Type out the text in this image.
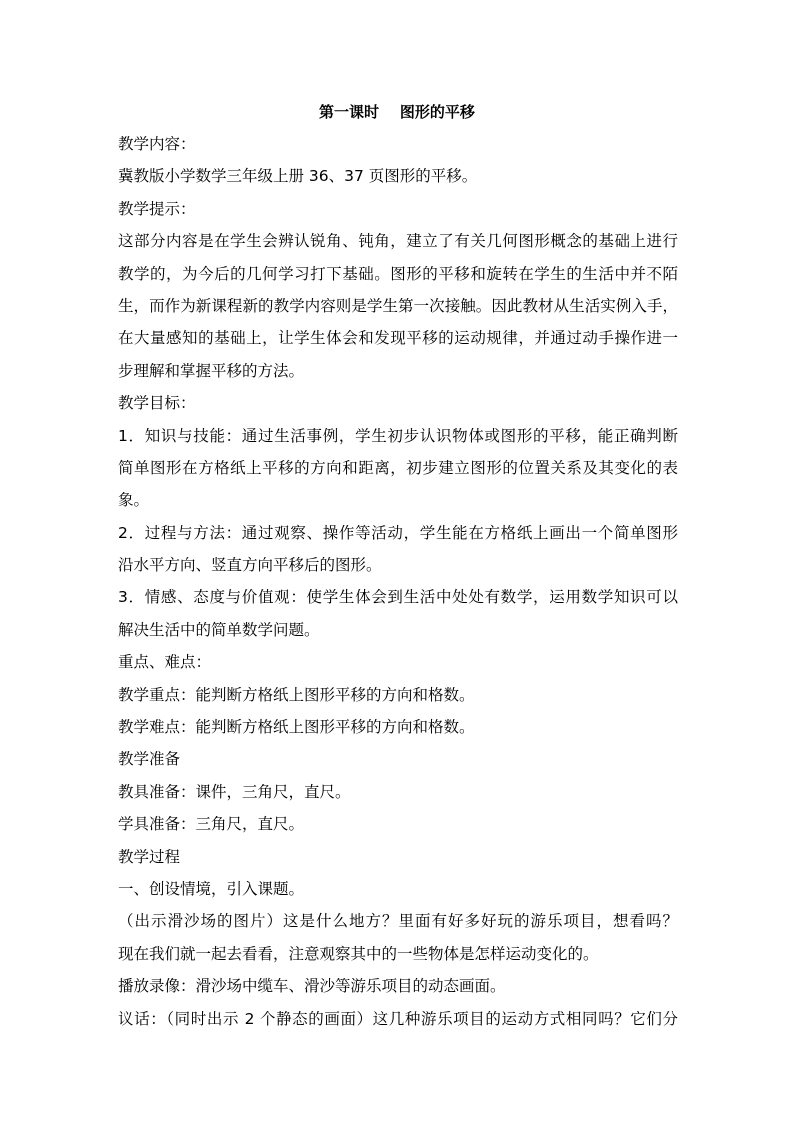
第一课时    图形的平移
教学内容：
冀教版小学数学三年级上册 36、37 页图形的平移。
教学提示：
这部分内容是在学生会辨认锐角、钝角，建立了有关几何图形概念的基础上进行
教学的，为今后的几何学习打下基础。图形的平移和旋转在学生的生活中并不陌
生，而作为新课程新的教学内容则是学生第一次接触。因此教材从生活实例入手，
在大量感知的基础上，让学生体会和发现平移的运动规律，并通过动手操作进一
步理解和掌握平移的方法。
教学目标：
1．知识与技能：通过生活事例，学生初步认识物体或图形的平移，能正确判断
简单图形在方格纸上平移的方向和距离，初步建立图形的位置关系及其变化的表
象。
2．过程与方法：通过观察、操作等活动，学生能在方格纸上画出一个简单图形
沿水平方向、竖直方向平移后的图形。
3．情感、态度与价值观：使学生体会到生活中处处有数学，运用数学知识可以
解决生活中的简单数学问题。
重点、难点：
教学重点：能判断方格纸上图形平移的方向和格数。
教学难点：能判断方格纸上图形平移的方向和格数。
教学准备
教具准备：课件，三角尺，直尺。
学具准备：三角尺，直尺。
教学过程
一、创设情境，引入课题。
（出示滑沙场的图片）这是什么地方？里面有好多好玩的游乐项目，想看吗？
现在我们就一起去看看，注意观察其中的一些物体是怎样运动变化的。
播放录像：滑沙场中缆车、滑沙等游乐项目的动态画面。
议话：（同时出示 2 个静态的画面）这几种游乐项目的运动方式相同吗？它们分
